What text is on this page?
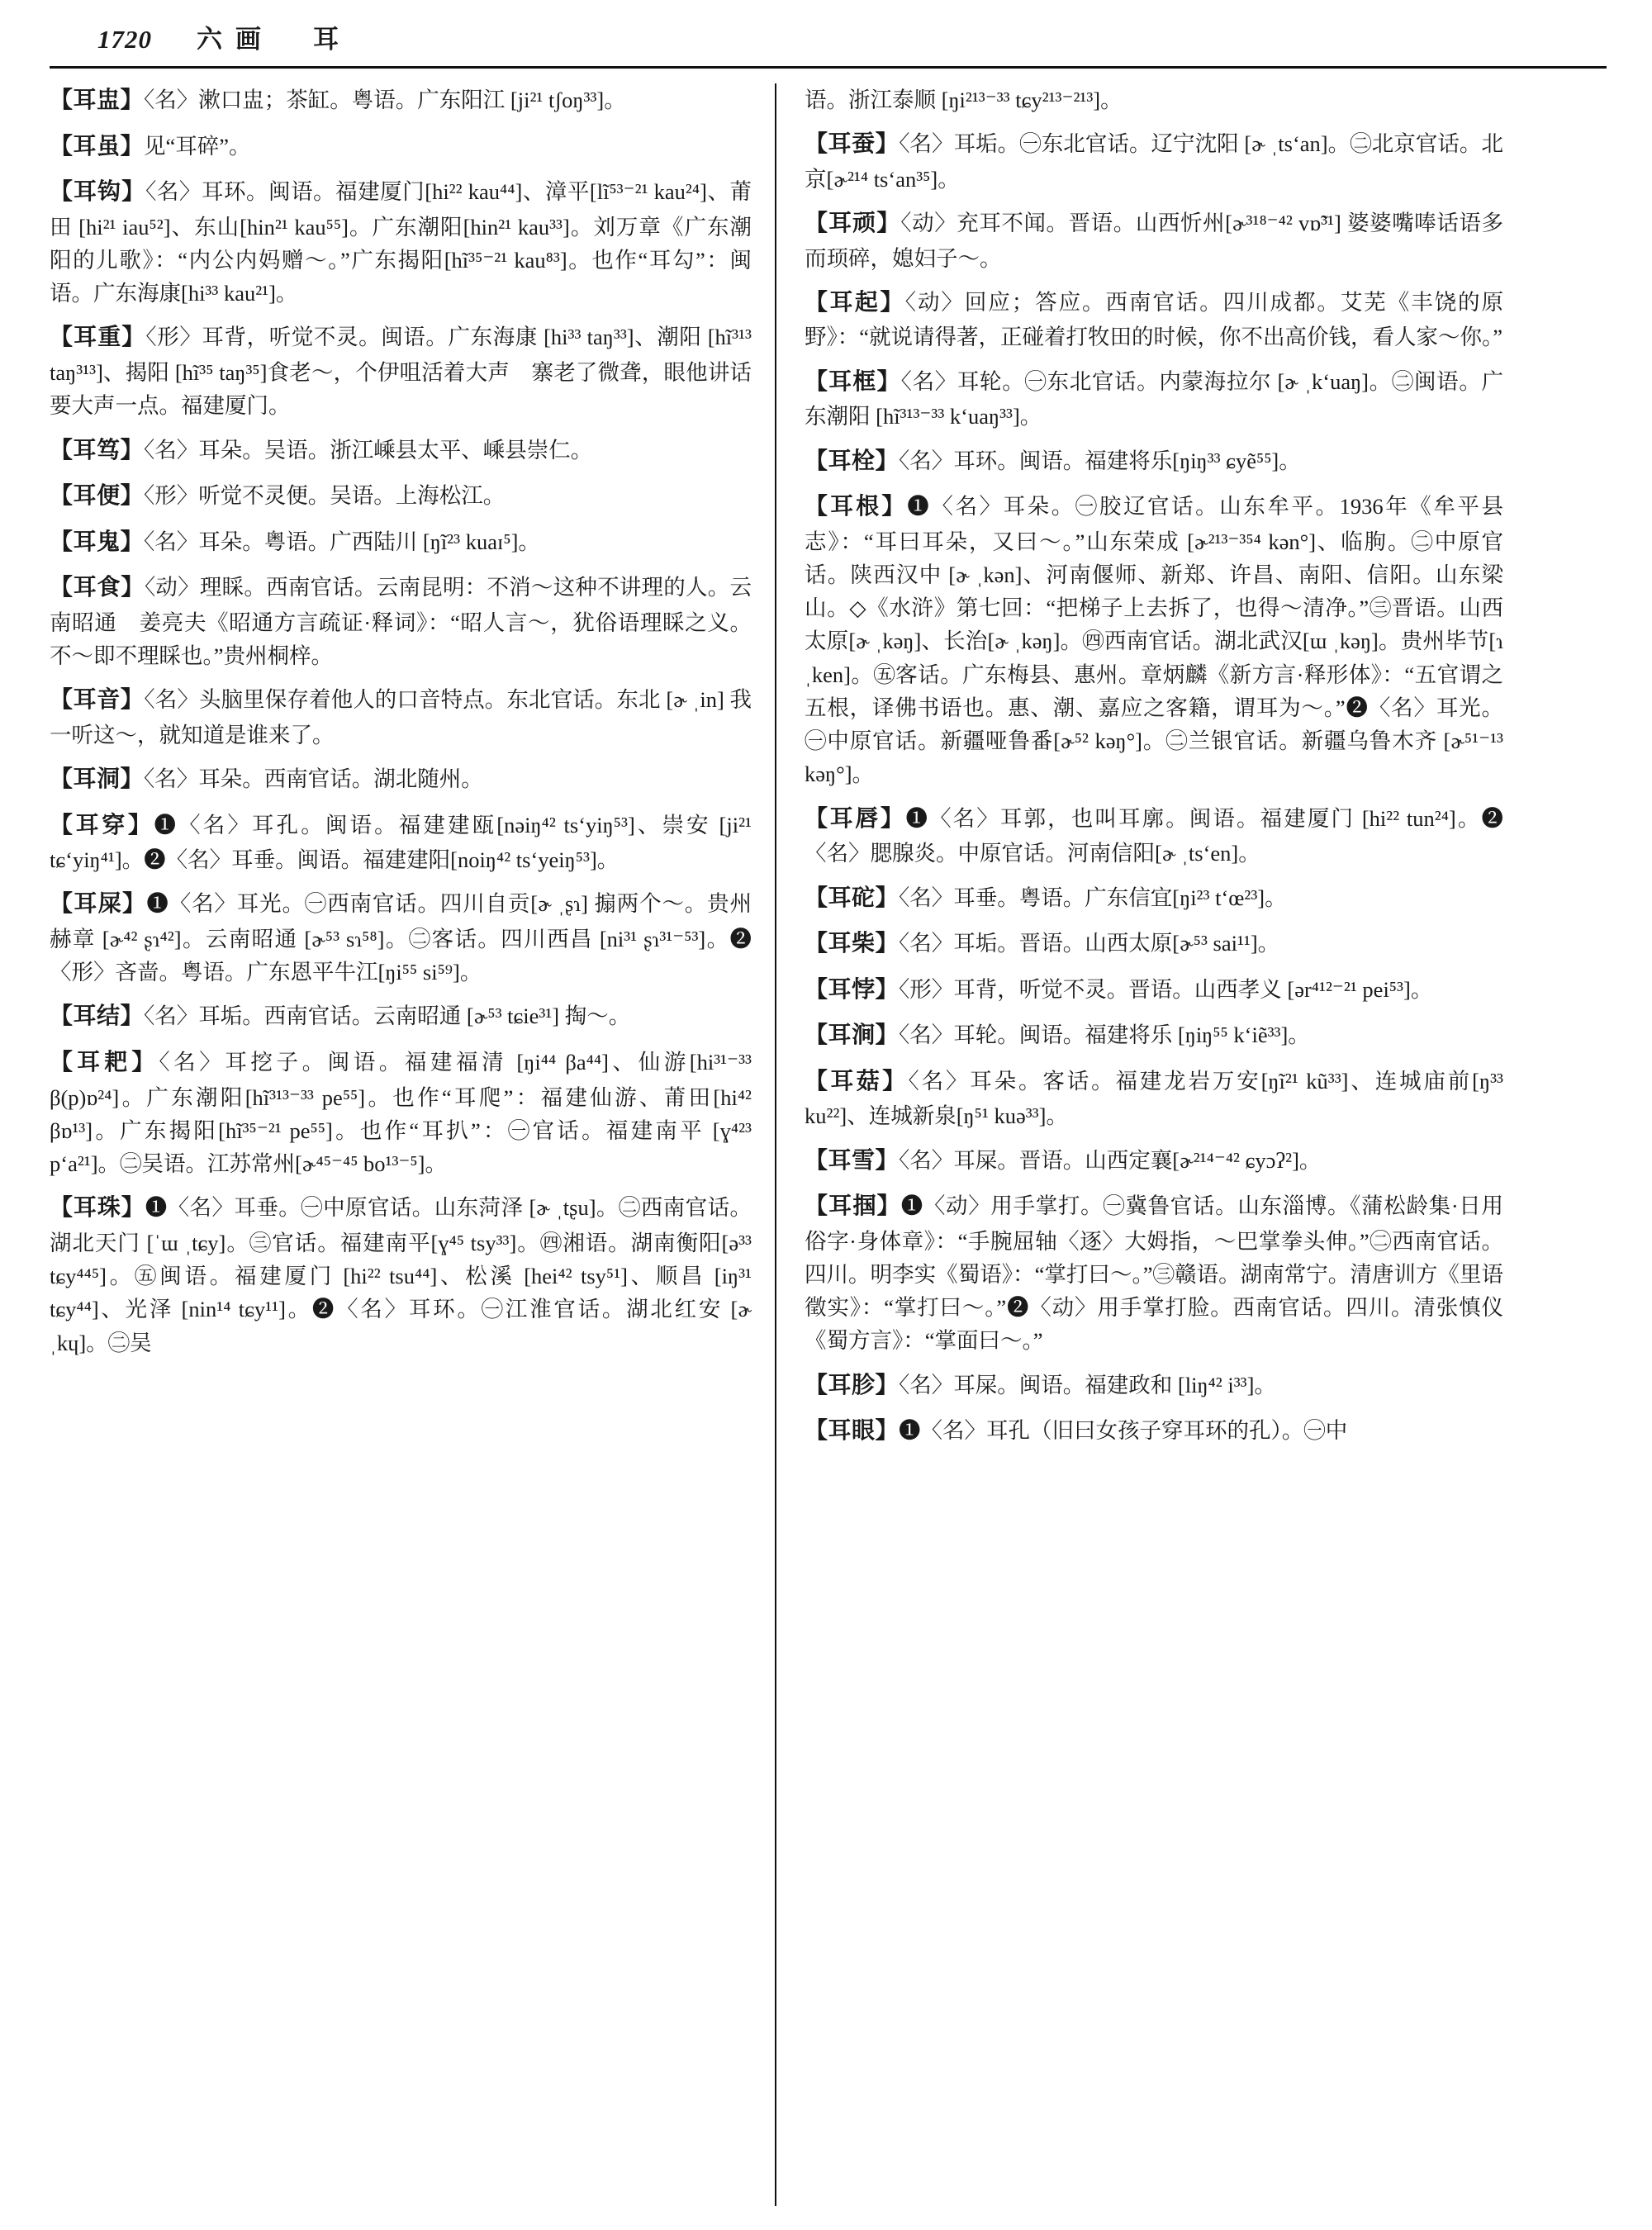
1720 六画　耳
【耳盅】〈名〉漱口盅；茶缸。粤语。广东阳江 [ji²¹ tʃoŋ³³]。
【耳虽】见“耳碎”。
【耳钩】〈名〉耳环。闽语。福建厦门[hi²² kau⁴⁴]、漳平[lĩ⁵³⁻²¹ kau²⁴]、莆田 [hi²¹ iau⁵²]、东山[hin²¹ kau⁵⁵]。广东潮阳[hin²¹ kau³³]。刘万章《广东潮阳的儿歌》：“内公内妈赠～。”广东揭阳[hĩ³⁵⁻²¹ kau⁸³]。也作“耳勾”：闽语。广东海康[hi³³ kau²¹]。
【耳重】〈形〉耳背，听觉不灵。闽语。广东海康 [hi³³ taŋ³³]、潮阳 [hĩ³¹³ taŋ³¹³]、揭阳 [hĩ³⁵ taŋ³⁵]食老～，个伊咀活着大声　寨老了微聋，眼他讲话要大声一点。福建厦门。
【耳笃】〈名〉耳朵。吴语。浙江嵊县太平、嵊县崇仁。
【耳便】〈形〉听觉不灵便。吴语。上海松江。
【耳鬼】〈名〉耳朵。粤语。广西陆川 [ŋĩ²³ kuaɪ⁵]。
【耳食】〈动〉理睬。西南官话。云南昆明：不消～这种不讲理的人。云南昭通　姜亮夫《昭通方言疏证·释词》：“昭人言～，犹俗语理睬之义。不～即不理睬也。”贵州桐梓。
【耳音】〈名〉头脑里保存着他人的口音特点。东北官话。东北 [ɚ ˌin] 我一听这～，就知道是谁来了。
【耳洞】〈名〉耳朵。西南官话。湖北随州。
【耳穿】❶〈名〉耳孔。闽语。福建建瓯[nəiŋ⁴² tsʻyiŋ⁵³]、崇安 [ji²¹ tɕʻyiŋ⁴¹]。❷〈名〉耳垂。闽语。福建建阳[noiŋ⁴² tsʻyeiŋ⁵³]。
【耳屎】❶〈名〉耳光。㊀西南官话。四川自贡[ɚ ˌʂɿ] 搧两个～。贵州赫章 [ɚ⁴² ʂɿ⁴²]。云南昭通 [ɚ⁵³ sɿ⁵⁸]。㊁客话。四川西昌 [ni³¹ ʂɿ³¹⁻⁵³]。❷〈形〉吝啬。粤语。广东恩平牛江[ŋi⁵⁵ si⁵⁹]。
【耳结】〈名〉耳垢。西南官话。云南昭通 [ɚ⁵³ tɕie³¹] 掏～。
【耳耙】〈名〉耳挖子。闽语。福建福清 [ŋi⁴⁴ βa⁴⁴]、仙游[hi³¹⁻³³ β(p)ɒ²⁴]。广东潮阳[hĩ³¹³⁻³³ pe⁵⁵]。也作“耳爬”：福建仙游、莆田[hi⁴² βɒ¹³]。广东揭阳[hĩ³⁵⁻²¹ pe⁵⁵]。也作“耳扒”：㊀官话。福建南平 [ɣ⁴²³ pʻa²¹]。㊁吴语。江苏常州[ɚ⁴⁵⁻⁴⁵ bo¹³⁻⁵]。
【耳珠】❶〈名〉耳垂。㊀中原官话。山东菏泽 [ɚ ˌtʂu]。㊁西南官话。湖北天门 [ˈɯ ˌtɕy]。㊂官话。福建南平[ɣ⁴⁵ tsy³³]。㊃湘语。湖南衡阳[ə³³ tɕy⁴⁴⁵]。㊄闽语。福建厦门 [hi²² tsu⁴⁴]、松溪 [hei⁴² tsy⁵¹]、顺昌 [iŋ³¹ tɕy⁴⁴]、光泽 [nin¹⁴ tɕy¹¹]。❷〈名〉耳环。㊀江淮官话。湖北红安 [ɚ ˌkɥ]。㊁吴
语。浙江泰顺 [ŋi²¹³⁻³³ tɕy²¹³⁻²¹³]。
【耳蚕】〈名〉耳垢。㊀东北官话。辽宁沈阳 [ɚ ˌtsʻan]。㊁北京官话。北京[ɚ²¹⁴ tsʻan³⁵]。
【耳顽】〈动〉充耳不闻。晋语。山西忻州[ɚ³¹⁸⁻⁴² vɒ̃³¹] 婆婆嘴唪话语多而顼碎，媳妇子～。
【耳起】〈动〉回应；答应。西南官话。四川成都。艾芜《丰饶的原野》：“就说请得著，正碰着打牧田的时候，你不出高价钱，看人家～你。”
【耳框】〈名〉耳轮。㊀东北官话。内蒙海拉尔 [ɚ ˌkʻuaŋ]。㊁闽语。广东潮阳 [hĩ³¹³⁻³³ kʻuaŋ³³]。
【耳栓】〈名〉耳环。闽语。福建将乐[ŋiŋ³³ ɕyẽ⁵⁵]。
【耳根】❶〈名〉耳朵。㊀胶辽官话。山东牟平。1936年《牟平县志》：“耳曰耳朵，又曰～。”山东荣成 [ɚ²¹³⁻³⁵⁴ kən°]、临朐。㊁中原官话。陕西汉中 [ɚ ˌkən]、河南偃师、新郑、许昌、南阳、信阳。山东梁山。◇《水浒》第七回：“把梯子上去拆了，也得～清净。”㊂晋语。山西太原[ɚ ˌkəŋ]、长治[ɚ ˌkəŋ]。㊃西南官话。湖北武汉[ɯ ˌkəŋ]。贵州毕节[ɿ ˌken]。㊄客话。广东梅县、惠州。章炳麟《新方言·释形体》：“五官谓之五根，译佛书语也。惠、潮、嘉应之客籍，谓耳为～。”❷〈名〉耳光。㊀中原官话。新疆哑鲁番[ɚ⁵² kəŋ°]。㊁兰银官话。新疆乌鲁木齐 [ɚ⁵¹⁻¹³ kəŋ°]。
【耳唇】❶〈名〉耳郭，也叫耳廓。闽语。福建厦门 [hi²² tun²⁴]。❷〈名〉腮腺炎。中原官话。河南信阳[ɚ ˌtsʻen]。
【耳砣】〈名〉耳垂。粤语。广东信宜[ŋi²³ tʻœ²³]。
【耳柴】〈名〉耳垢。晋语。山西太原[ɚ⁵³ sai¹¹]。
【耳悖】〈形〉耳背，听觉不灵。晋语。山西孝义 [ər⁴¹²⁻²¹ pei⁵³]。
【耳涧】〈名〉耳轮。闽语。福建将乐 [ŋiŋ⁵⁵ kʻiẽ³³]。
【耳菇】〈名〉耳朵。客话。福建龙岩万安[ŋĩ²¹ kũ³³]、连城庙前[ŋ³³ ku²²]、连城新泉[ŋ⁵¹ kuə³³]。
【耳雪】〈名〉耳屎。晋语。山西定襄[ɚ²¹⁴⁻⁴² ɕyɔʔ²]。
【耳掴】❶〈动〉用手掌打。㊀冀鲁官话。山东淄博。《蒲松龄集·日用俗字·身体章》：“手腕屈轴〈逐〉大姆指，～巴掌拳头伸。”㊁西南官话。四川。明李实《蜀语》：“掌打曰～。”㊂赣语。湖南常宁。清唐训方《里语徵实》：“掌打曰～。”❷〈动〉用手掌打脸。西南官话。四川。清张慎仪《蜀方言》：“掌面曰～。”
【耳胗】〈名〉耳屎。闽语。福建政和 [liŋ⁴² i³³]。
【耳眼】❶〈名〉耳孔（旧曰女孩子穿耳环的孔）。㊀中
